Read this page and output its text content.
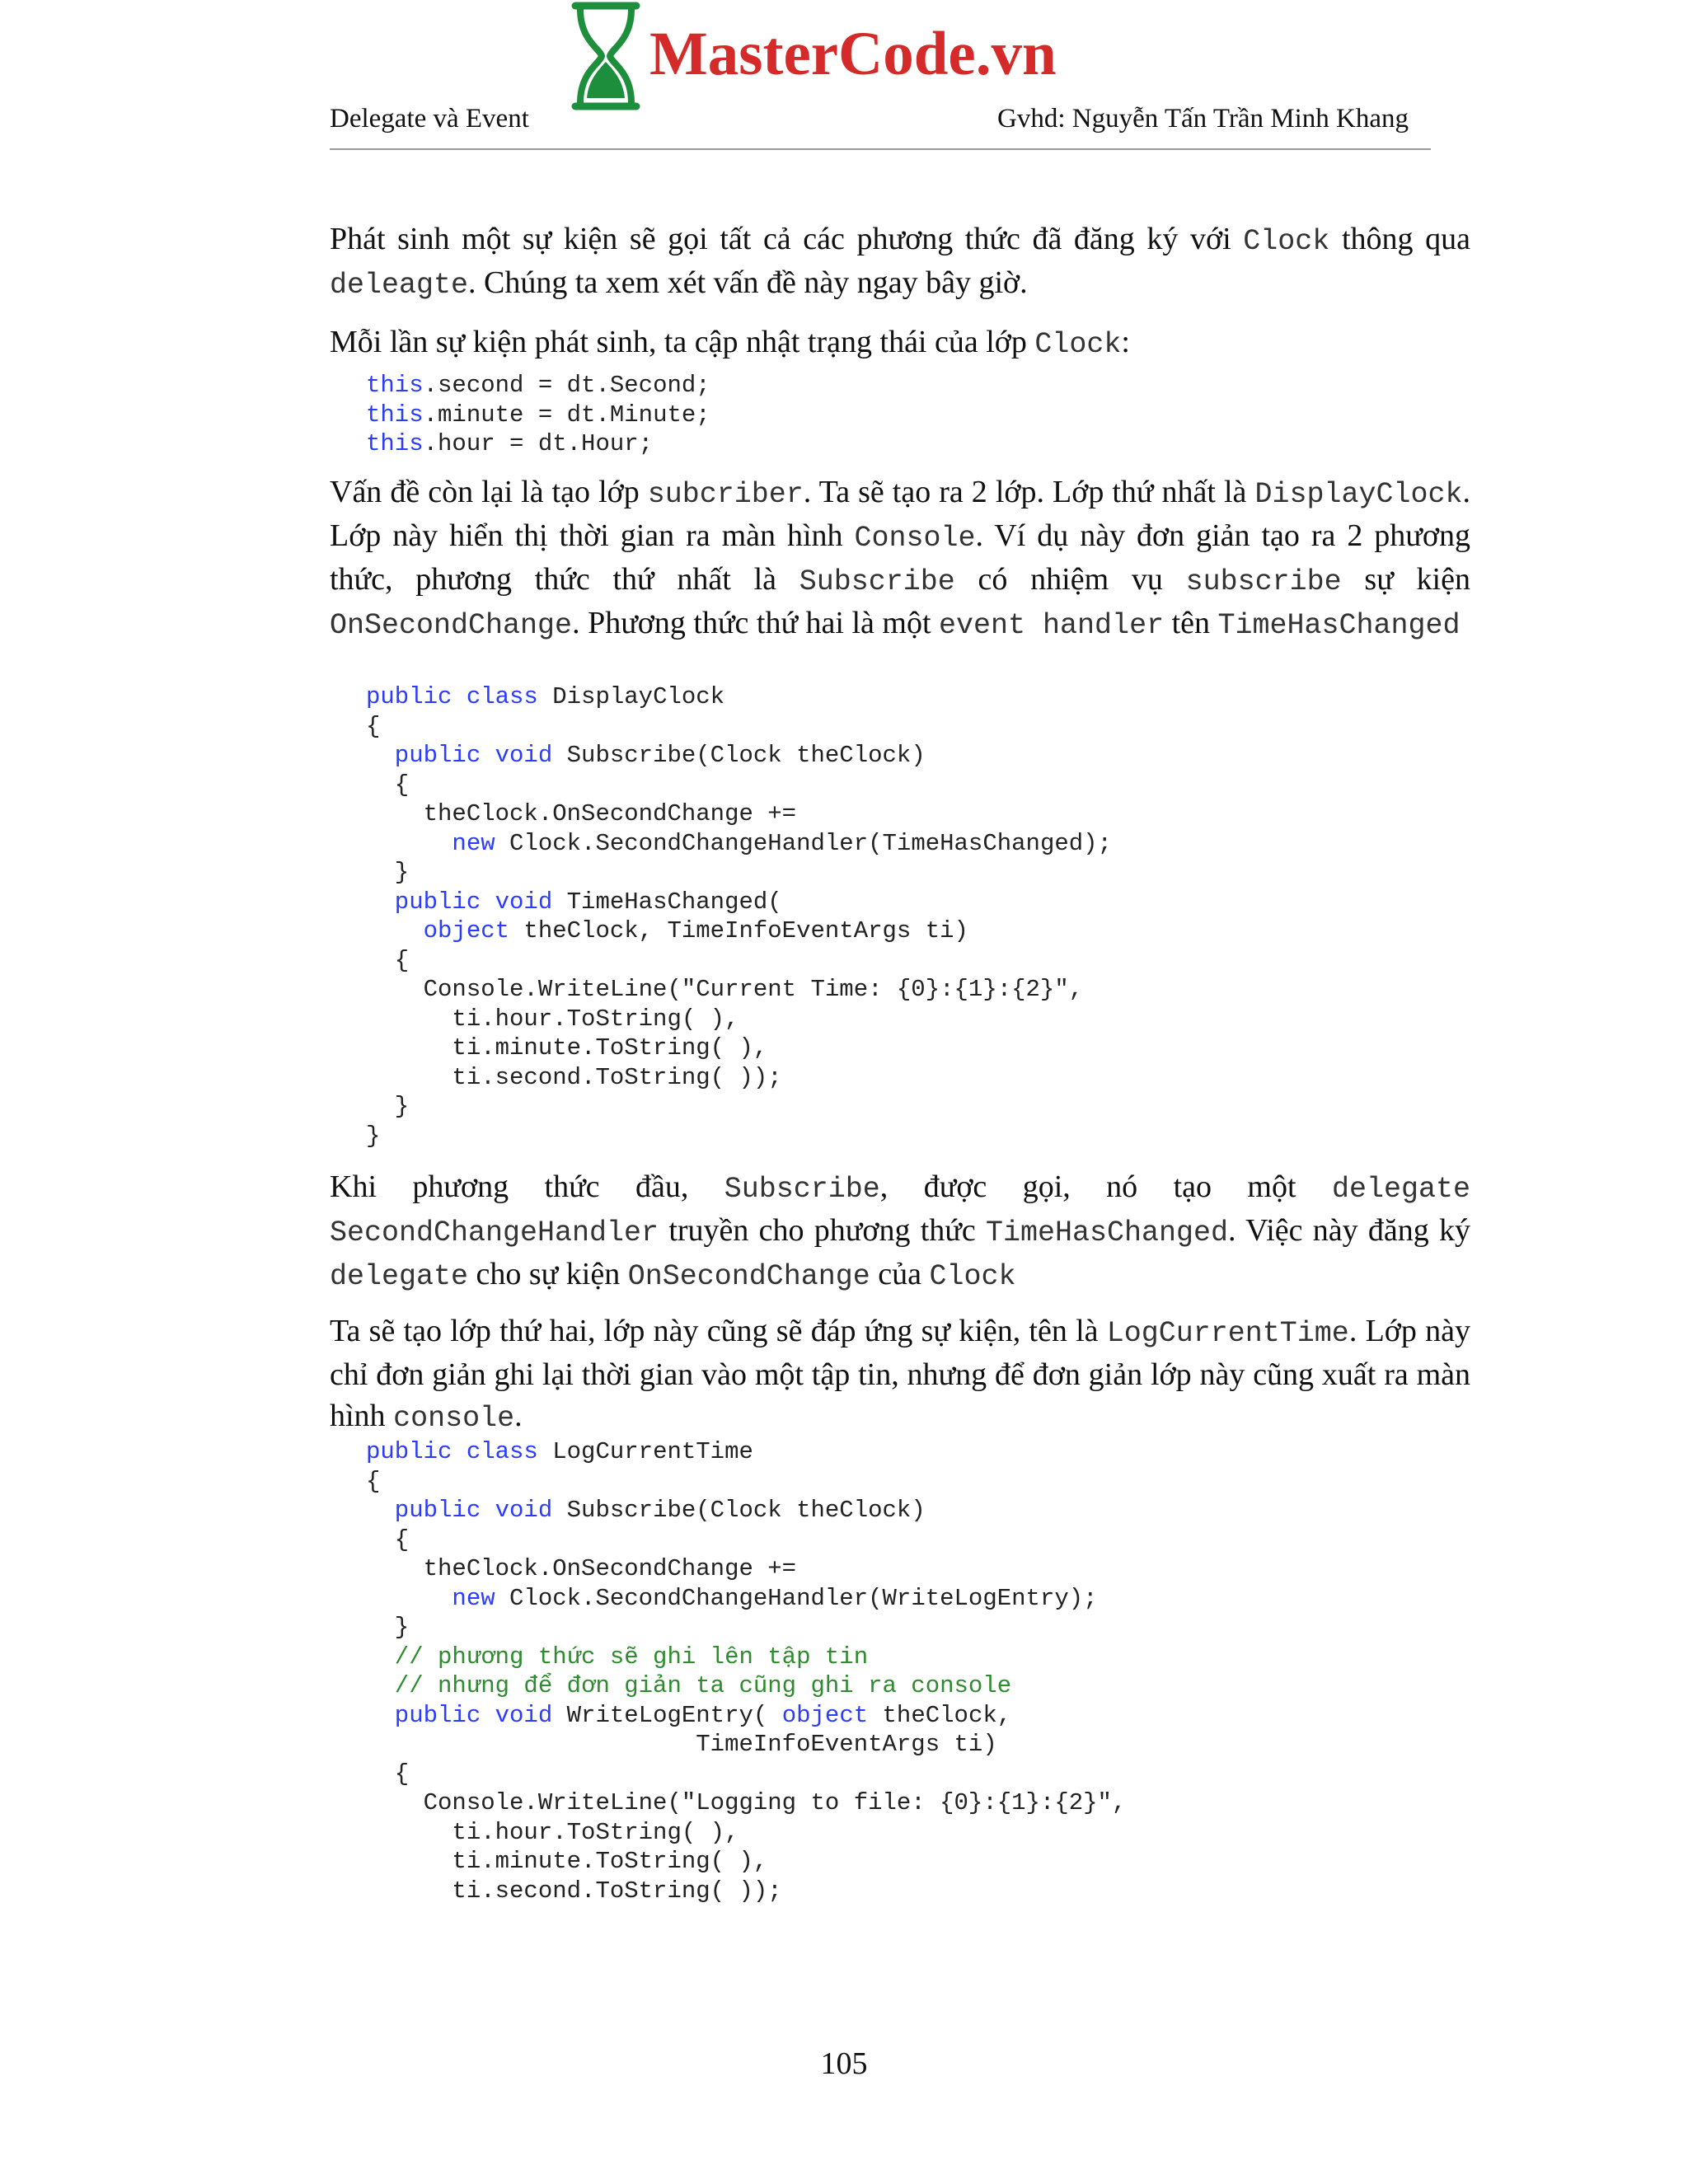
MasterCode.vn
Delegate và Event	Gvhd: Nguyễn Tấn Trần Minh Khang

Phát sinh một sự kiện sẽ gọi tất cả các phương thức đã đăng ký với Clock thông qua deleagte. Chúng ta xem xét vấn đề này ngay bây giờ.

Mỗi lần sự kiện phát sinh, ta cập nhật trạng thái của lớp Clock:

this.second = dt.Second;
this.minute = dt.Minute;
this.hour = dt.Hour;

Vấn đề còn lại là tạo lớp subcriber. Ta sẽ tạo ra 2 lớp. Lớp thứ nhất là DisplayClock. Lớp này hiển thị thời gian ra màn hình Console. Ví dụ này đơn giản tạo ra 2 phương thức, phương thức thứ nhất là Subscribe có nhiệm vụ subscribe sự kiện OnSecondChange. Phương thức thứ hai là một event handler tên TimeHasChanged

public class DisplayClock
{
public void Subscribe(Clock theClock)
{
theClock.OnSecondChange +=
new Clock.SecondChangeHandler(TimeHasChanged);
}
public void TimeHasChanged(
object theClock, TimeInfoEventArgs ti)
{
Console.WriteLine("Current Time: {0}:{1}:{2}",
ti.hour.ToString( ),
ti.minute.ToString( ),
ti.second.ToString( ));
}
}

Khi phương thức đầu, Subscribe, được gọi, nó tạo một delegate SecondChangeHandler truyền cho phương thức TimeHasChanged. Việc này đăng ký delegate cho sự kiện OnSecondChange của Clock

Ta sẽ tạo lớp thứ hai, lớp này cũng sẽ đáp ứng sự kiện, tên là LogCurrentTime. Lớp này chỉ đơn giản ghi lại thời gian vào một tập tin, nhưng để đơn giản lớp này cũng xuất ra màn hình console.

public class LogCurrentTime
{
public void Subscribe(Clock theClock)
{
theClock.OnSecondChange +=
new Clock.SecondChangeHandler(WriteLogEntry);
}
// phương thức sẽ ghi lên tập tin
// nhưng để đơn giản ta cũng ghi ra console
public void WriteLogEntry( object theClock,
TimeInfoEventArgs ti)
{
Console.WriteLine("Logging to file: {0}:{1}:{2}",
ti.hour.ToString( ),
ti.minute.ToString( ),
ti.second.ToString( ));
105
